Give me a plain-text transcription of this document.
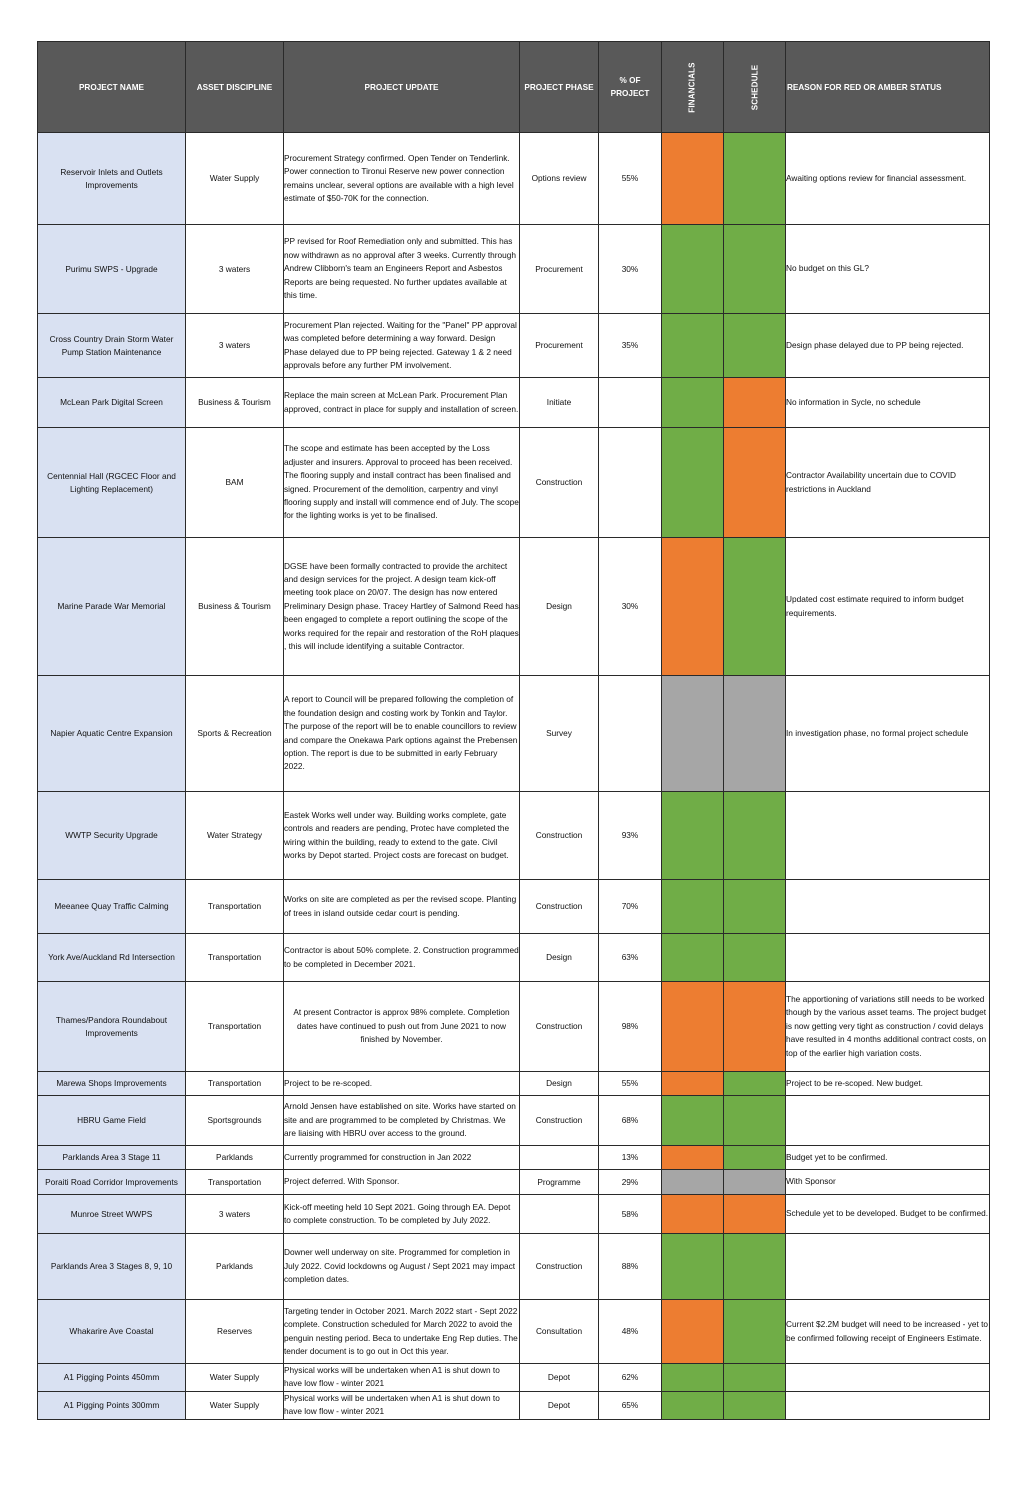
PROJECT NAME	ASSET DISCIPLINE	PROJECT UPDATE	PROJECT PHASE	% OF PROJECT	FINANCIALS	SCHEDULE	REASON FOR RED OR AMBER STATUS
Reservoir Inlets and Outlets Improvements	Water Supply	Procurement Strategy confirmed. Open Tender on Tenderlink. Power connection to Tironui Reserve new power connection remains unclear, several options are available with a high level estimate of $50-70K for the connection.	Options review	55%			Awaiting options review for financial assessment.
Purimu SWPS - Upgrade	3 waters	PP revised for Roof Remediation only and submitted. This has now withdrawn as no approval after 3 weeks. Currently through Andrew Clibborn's team an Engineers Report and Asbestos Reports are being requested. No further updates available at this time.	Procurement	30%			No budget on this GL?
Cross Country Drain Storm Water Pump Station Maintenance	3 waters	Procurement Plan rejected. Waiting for the "Panel" PP approval was completed before determining a way forward. Design Phase delayed due to PP being rejected. Gateway 1 & 2 need approvals before any further PM involvement.	Procurement	35%			Design phase delayed due to PP being rejected.
McLean Park Digital Screen	Business & Tourism	Replace the main screen at McLean Park. Procurement Plan approved, contract in place for supply and installation of screen.	Initiate				No information in Sycle, no schedule
Centennial Hall (RGCEC Floor and Lighting Replacement)	BAM	The scope and estimate has been accepted by the Loss adjuster and insurers. Approval to proceed has been received. The flooring supply and install contract has been finalised and signed. Procurement of the demolition, carpentry and vinyl flooring supply and install will commence end of July. The scope for the lighting works is yet to be finalised.	Construction				Contractor Availability uncertain due to COVID restrictions in Auckland
Marine Parade War Memorial	Business & Tourism	DGSE have been formally contracted to provide the architect and design services for the project. A design team kick-off meeting took place on 20/07. The design has now entered Preliminary Design phase. Tracey Hartley of Salmond Reed has been engaged to complete a report outlining the scope of the works required for the repair and restoration of the RoH plaques , this will include identifying a suitable Contractor.	Design	30%			Updated cost estimate required to inform budget requirements.
Napier Aquatic Centre Expansion	Sports & Recreation	A report to Council will be prepared following the completion of the foundation design and costing work by Tonkin and Taylor. The purpose of the report will be to enable councillors to review and compare the Onekawa Park options against the Prebensen option. The report is due to be submitted in early February 2022.	Survey				In investigation phase, no formal project schedule
WWTP Security Upgrade	Water Strategy	Eastek Works well under way. Building works complete, gate controls and readers are pending, Protec have completed the wiring within the building, ready to extend to the gate. Civil works by Depot started. Project costs are forecast on budget.	Construction	93%			
Meeanee Quay Traffic Calming	Transportation	Works on site are completed as per the revised scope. Planting of trees in island outside cedar court is pending.	Construction	70%			
York Ave/Auckland Rd Intersection	Transportation	Contractor is about 50% complete. 2. Construction programmed to be completed in December 2021.	Design	63%			
Thames/Pandora Roundabout Improvements	Transportation	At present Contractor is approx 98% complete. Completion dates have continued to push out from June 2021 to now finished by November.	Construction	98%			The apportioning of variations still needs to be worked though by the various asset teams. The project budget is now getting very tight as construction / covid delays have resulted in 4 months additional contract costs, on top of the earlier high variation costs.
Marewa Shops Improvements	Transportation	Project to be re-scoped.	Design	55%			Project to be re-scoped. New budget.
HBRU Game Field	Sportsgrounds	Arnold Jensen have established on site. Works have started on site and are programmed to be completed by Christmas. We are liaising with HBRU over access to the ground.	Construction	68%			
Parklands Area 3 Stage 11	Parklands	Currently programmed for construction in Jan 2022		13%			Budget yet to be confirmed.
Poraiti Road Corridor Improvements	Transportation	Project deferred. With Sponsor.	Programme	29%			With Sponsor
Munroe Street WWPS	3 waters	Kick-off meeting held 10 Sept 2021. Going through EA. Depot to complete construction. To be completed by July 2022.		58%			Schedule yet to be developed. Budget to be confirmed.
Parklands Area 3 Stages 8, 9, 10	Parklands	Downer well underway on site. Programmed for completion in July 2022. Covid lockdowns og August / Sept 2021 may impact completion dates.	Construction	88%			
Whakarire Ave Coastal	Reserves	Targeting tender in October 2021. March 2022 start - Sept 2022 complete. Construction scheduled for March 2022 to avoid the penguin nesting period. Beca to undertake Eng Rep duties. The tender document is to go out in Oct this year.	Consultation	48%			Current $2.2M budget will need to be increased - yet to be confirmed following receipt of Engineers Estimate.
A1 Pigging Points 450mm	Water Supply	Physical works will be undertaken when A1 is shut down to have low flow - winter 2021	Depot	62%			
A1 Pigging Points 300mm	Water Supply	Physical works will be undertaken when A1 is shut down to have low flow - winter 2021	Depot	65%			
